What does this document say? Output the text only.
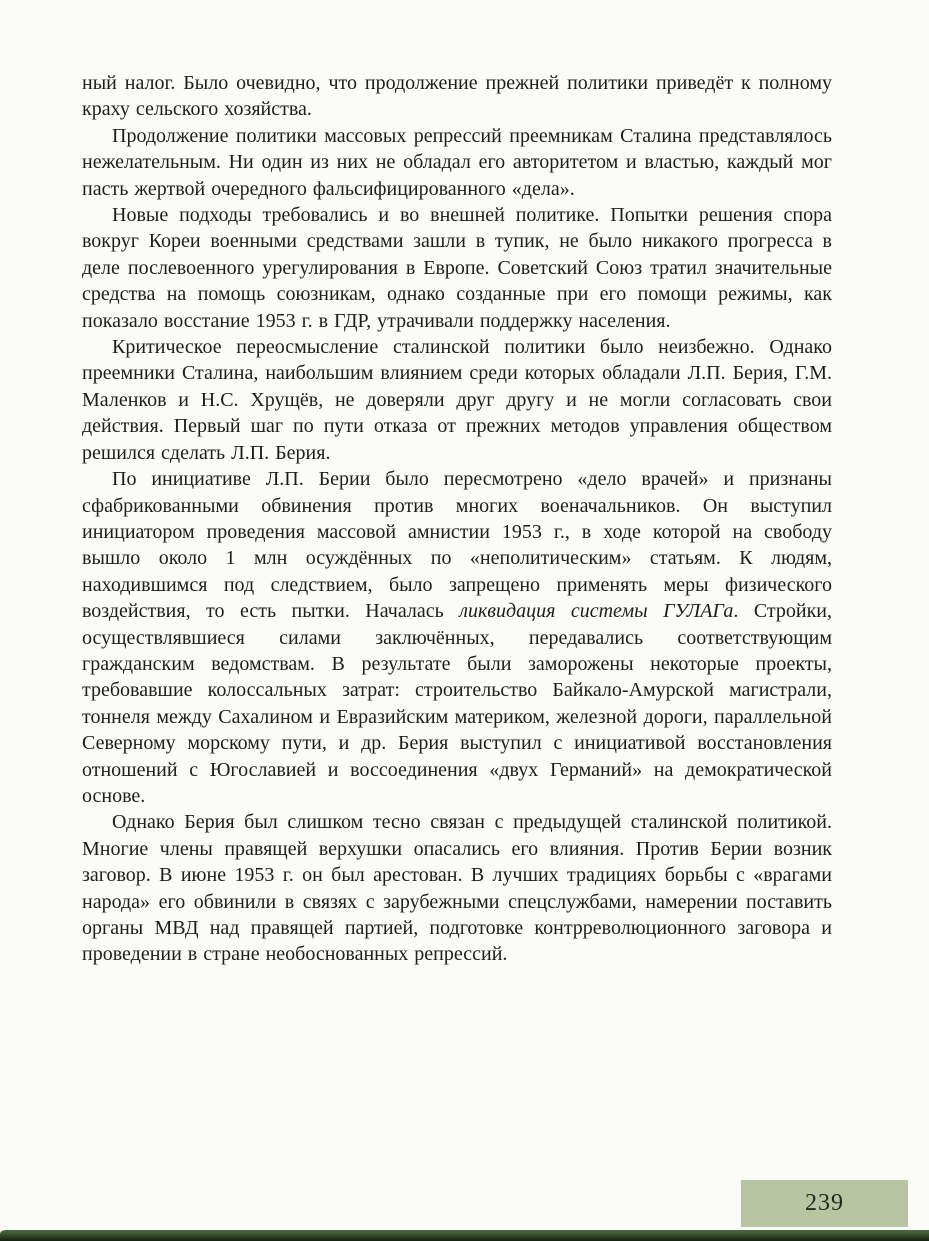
ный налог. Было очевидно, что продолжение прежней политики приведёт к полному краху сельского хозяйства.

Продолжение политики массовых репрессий преемникам Сталина представлялось нежелательным. Ни один из них не обладал его авторитетом и властью, каждый мог пасть жертвой очередного фальсифицированного «дела».

Новые подходы требовались и во внешней политике. Попытки решения спора вокруг Кореи военными средствами зашли в тупик, не было никакого прогресса в деле послевоенного урегулирования в Европе. Советский Союз тратил значительные средства на помощь союзникам, однако созданные при его помощи режимы, как показало восстание 1953 г. в ГДР, утрачивали поддержку населения.

Критическое переосмысление сталинской политики было неизбежно. Однако преемники Сталина, наибольшим влиянием среди которых обладали Л.П. Берия, Г.М. Маленков и Н.С. Хрущёв, не доверяли друг другу и не могли согласовать свои действия. Первый шаг по пути отказа от прежних методов управления обществом решился сделать Л.П. Берия.

По инициативе Л.П. Берии было пересмотрено «дело врачей» и признаны сфабрикованными обвинения против многих военачальников. Он выступил инициатором проведения массовой амнистии 1953 г., в ходе которой на свободу вышло около 1 млн осуждённых по «неполитическим» статьям. К людям, находившимся под следствием, было запрещено применять меры физического воздействия, то есть пытки. Началась ликвидация системы ГУЛАГа. Стройки, осуществлявшиеся силами заключённых, передавались соответствующим гражданским ведомствам. В результате были заморожены некоторые проекты, требовавшие колоссальных затрат: строительство Байкало-Амурской магистрали, тоннеля между Сахалином и Евразийским материком, железной дороги, параллельной Северному морскому пути, и др. Берия выступил с инициативой восстановления отношений с Югославией и воссоединения «двух Германий» на демократической основе.

Однако Берия был слишком тесно связан с предыдущей сталинской политикой. Многие члены правящей верхушки опасались его влияния. Против Берии возник заговор. В июне 1953 г. он был арестован. В лучших традициях борьбы с «врагами народа» его обвинили в связях с зарубежными спецслужбами, намерении поставить органы МВД над правящей партией, подготовке контрреволюционного заговора и проведении в стране необоснованных репрессий.

239
